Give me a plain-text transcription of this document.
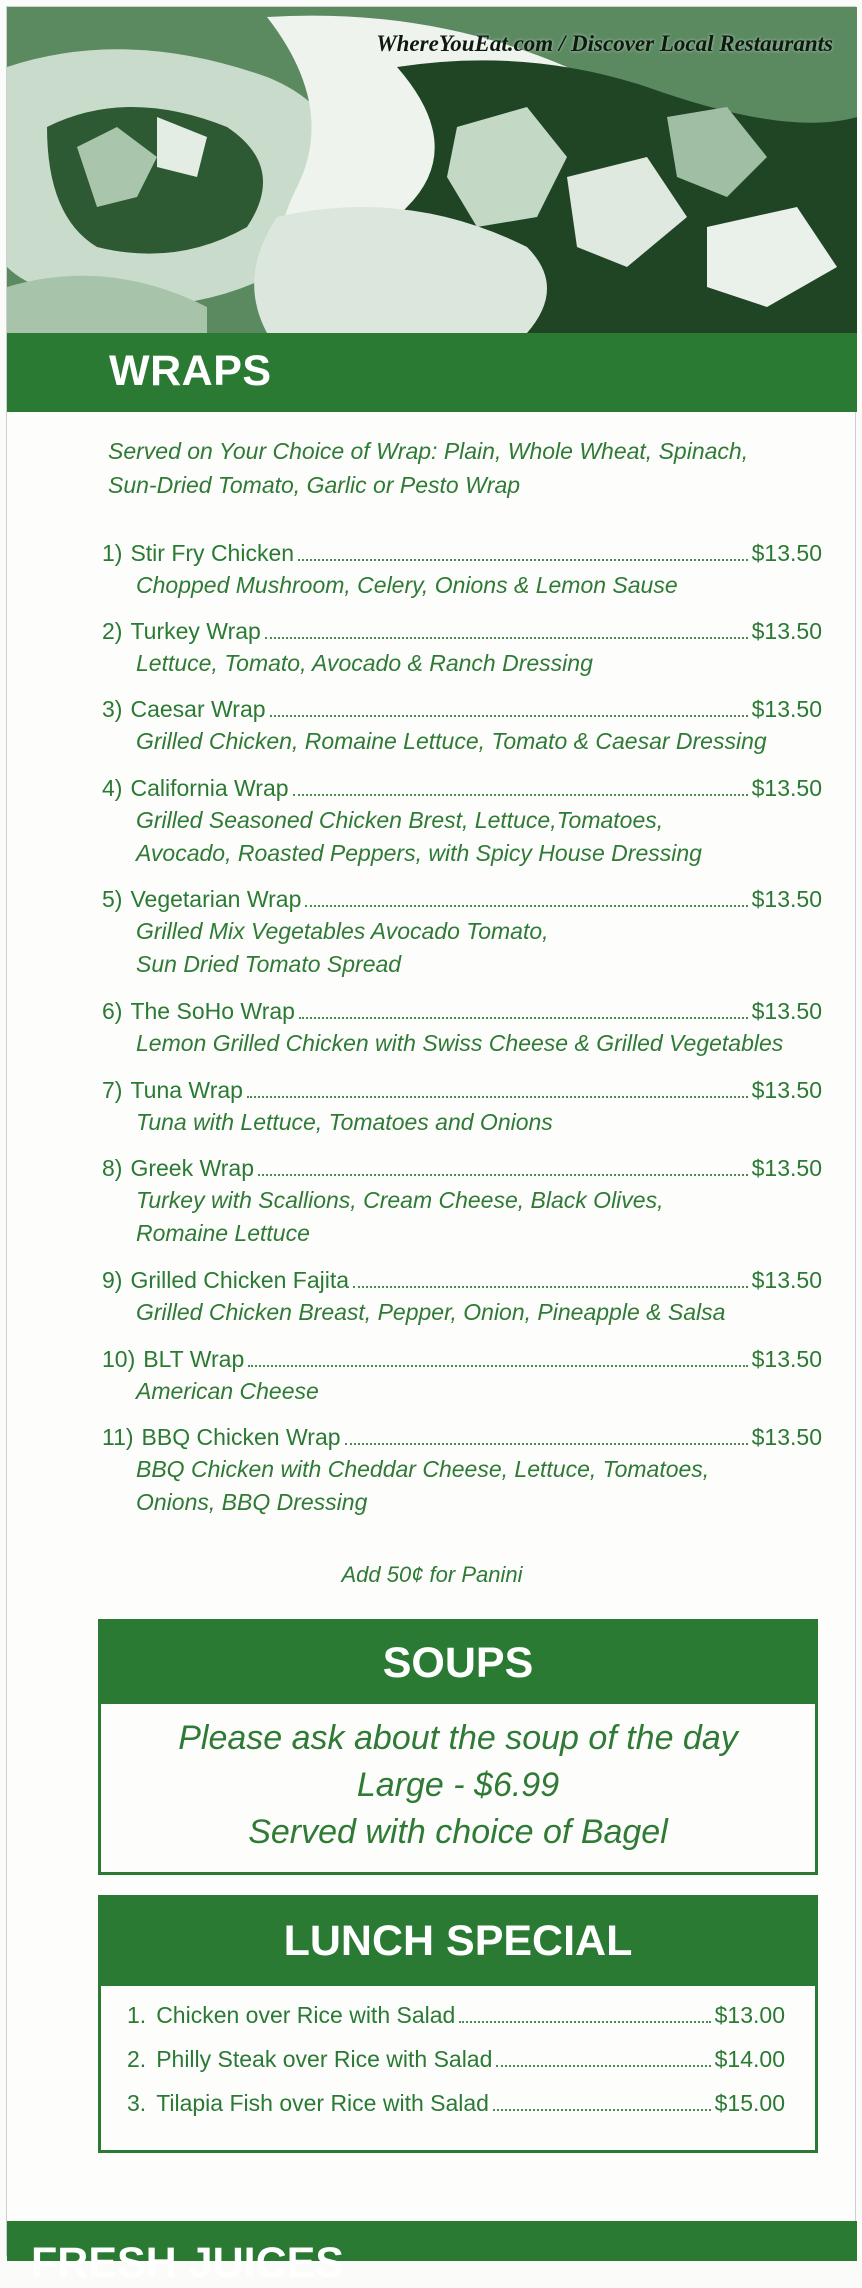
WhereYouEat.com / Discover Local Restaurants
WRAPS
Served on Your Choice of Wrap: Plain, Whole Wheat, Spinach, Sun-Dried Tomato, Garlic or Pesto Wrap
1) Stir Fry Chicken	$13.50
Chopped Mushroom, Celery, Onions & Lemon Sause
2) Turkey Wrap	$13.50
Lettuce, Tomato, Avocado & Ranch Dressing
3) Caesar Wrap	$13.50
Grilled Chicken, Romaine Lettuce, Tomato & Caesar Dressing
4) California Wrap	$13.50
Grilled Seasoned Chicken Brest, Lettuce,Tomatoes,
Avocado, Roasted Peppers, with Spicy House Dressing
5) Vegetarian Wrap	$13.50
Grilled Mix Vegetables Avocado Tomato,
Sun Dried Tomato Spread
6) The SoHo Wrap	$13.50
Lemon Grilled Chicken with Swiss Cheese & Grilled Vegetables
7) Tuna Wrap	$13.50
Tuna with Lettuce, Tomatoes and Onions
8) Greek Wrap	$13.50
Turkey with Scallions, Cream Cheese, Black Olives,
Romaine Lettuce
9) Grilled Chicken Fajita	$13.50
Grilled Chicken Breast, Pepper, Onion, Pineapple & Salsa
10) BLT Wrap	$13.50
American Cheese
11) BBQ Chicken Wrap	$13.50
BBQ Chicken with Cheddar Cheese, Lettuce, Tomatoes,
Onions, BBQ Dressing
Add 50¢ for Panini
SOUPS
Please ask about the soup of the day
Large - $6.99
Served with choice of Bagel
LUNCH SPECIAL
1. Chicken over Rice with Salad	$13.00
2. Philly Steak over Rice with Salad	$14.00
3. Tilapia Fish over Rice with Salad	$15.00
FRESH JUICES
